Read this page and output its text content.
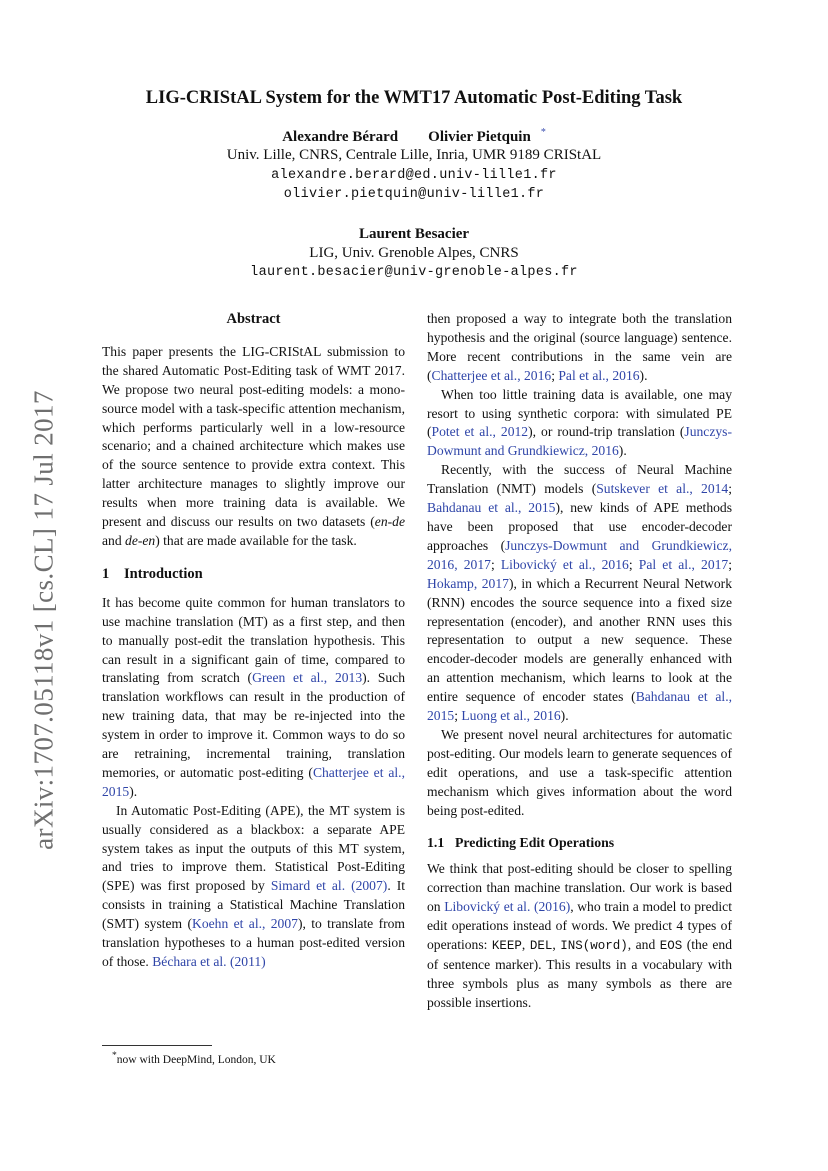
LIG-CRIStAL System for the WMT17 Automatic Post-Editing Task
Alexandre Bérard Olivier Pietquin *
Univ. Lille, CNRS, Centrale Lille, Inria, UMR 9189 CRIStAL
alexandre.berard@ed.univ-lille1.fr
olivier.pietquin@univ-lille1.fr
Laurent Besacier
LIG, Univ. Grenoble Alpes, CNRS
laurent.besacier@univ-grenoble-alpes.fr
arXiv:1707.05118v1 [cs.CL] 17 Jul 2017
Abstract

This paper presents the LIG-CRIStAL submission to the shared Automatic Post-Editing task of WMT 2017. We propose two neural post-editing models: a mono-source model with a task-specific attention mechanism, which performs particularly well in a low-resource scenario; and a chained architecture which makes use of the source sentence to provide extra context. This latter architecture manages to slightly improve our results when more training data is available. We present and discuss our results on two datasets (en-de and de-en) that are made available for the task.

1 Introduction

It has become quite common for human translators to use machine translation (MT) as a first step, and then to manually post-edit the translation hypothesis. This can result in a significant gain of time, compared to translating from scratch (Green et al., 2013). Such translation workflows can result in the production of new training data, that may be re-injected into the system in order to improve it. Common ways to do so are retraining, incremental training, translation memories, or automatic post-editing (Chatterjee et al., 2015).

In Automatic Post-Editing (APE), the MT system is usually considered as a blackbox: a separate APE system takes as input the outputs of this MT system, and tries to improve them. Statistical Post-Editing (SPE) was first proposed by Simard et al. (2007). It consists in training a Statistical Machine Translation (SMT) system (Koehn et al., 2007), to translate from translation hypotheses to a human post-edited version of those. Béchara et al. (2011)

*now with DeepMind, London, UK

then proposed a way to integrate both the translation hypothesis and the original (source language) sentence. More recent contributions in the same vein are (Chatterjee et al., 2016; Pal et al., 2016).

When too little training data is available, one may resort to using synthetic corpora: with simulated PE (Potet et al., 2012), or round-trip translation (Junczys-Dowmunt and Grundkiewicz, 2016).

Recently, with the success of Neural Machine Translation (NMT) models (Sutskever et al., 2014; Bahdanau et al., 2015), new kinds of APE methods have been proposed that use encoder-decoder approaches (Junczys-Dowmunt and Grundkiewicz, 2016, 2017; Libovický et al., 2016; Pal et al., 2017; Hokamp, 2017), in which a Recurrent Neural Network (RNN) encodes the source sequence into a fixed size representation (encoder), and another RNN uses this representation to output a new sequence. These encoder-decoder models are generally enhanced with an attention mechanism, which learns to look at the entire sequence of encoder states (Bahdanau et al., 2015; Luong et al., 2016).

We present novel neural architectures for automatic post-editing. Our models learn to generate sequences of edit operations, and use a task-specific attention mechanism which gives information about the word being post-edited.

1.1 Predicting Edit Operations

We think that post-editing should be closer to spelling correction than machine translation. Our work is based on Libovický et al. (2016), who train a model to predict edit operations instead of words. We predict 4 types of operations: KEEP, DEL, INS(word), and EOS (the end of sentence marker). This results in a vocabulary with three symbols plus as many symbols as there are possible insertions.
